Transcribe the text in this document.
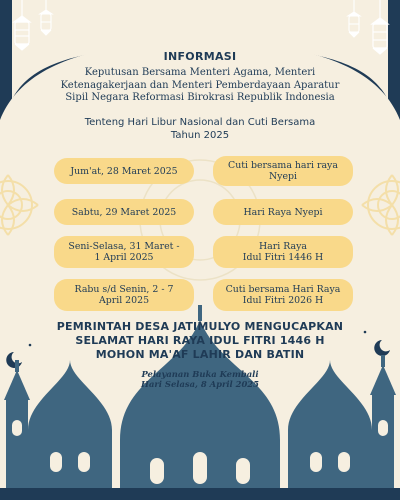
INFORMASI
Keputusan Bersama Menteri Agama, Menteri
Ketenagakerjaan dan Menteri Pemberdayaan Aparatur
Sipil Negara Reformasi Birokrasi Republik Indonesia
Tenteng Hari Libur Nasional dan Cuti Bersama
Tahun 2025
Jum'at, 28 Maret 2025	Cuti bersama hari raya
Nyepi
Sabtu, 29 Maret 2025	Hari Raya Nyepi
Seni-Selasa, 31 Maret -
1 April 2025
Hari Raya
Idul Fitri 1446 H
Rabu s/d Senin, 2 - 7
April 2025
Cuti bersama Hari Raya
Idul Fitri 2026 H
PEMRINTAH DESA JATIMULYO MENGUCAPKAN
SELAMAT HARI RAYA IDUL FITRI 1446 H
MOHON MA'AF LAHIR DAN BATIN
Pelayanan Buka Kembali
Hari Selasa, 8 April 2025
